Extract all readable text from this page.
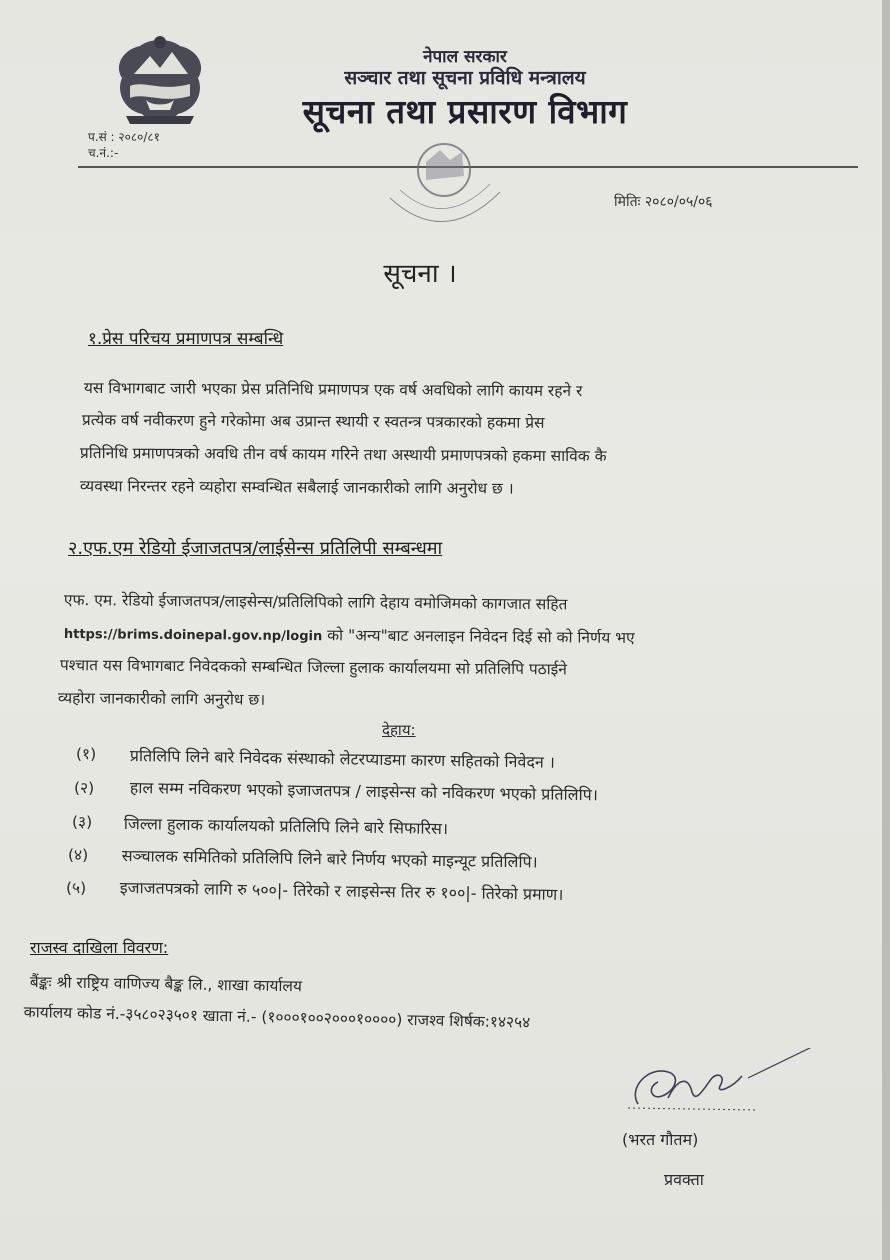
नेपाल सरकार
सञ्चार तथा सूचना प्रविधि मन्त्रालय
सूचना तथा प्रसारण विभाग
प.सं : २०८०/८१
च.नं.:-
मितिः २०८०/०५/०६
सूचना ।
१.प्रेस परिचय प्रमाणपत्र सम्बन्धि
यस विभागबाट जारी भएका प्रेस प्रतिनिधि प्रमाणपत्र एक वर्ष अवधिको लागि कायम रहने र
प्रत्येक वर्ष नवीकरण हुने गरेकोमा अब उप्रान्त स्थायी र स्वतन्त्र पत्रकारको हकमा प्रेस
प्रतिनिधि प्रमाणपत्रको अवधि तीन वर्ष कायम गरिने तथा अस्थायी प्रमाणपत्रको हकमा साविक कै
व्यवस्था निरन्तर रहने व्यहोरा सम्वन्धित सबैलाई जानकारीको लागि अनुरोध छ ।
२.एफ.एम रेडियो ईजाजतपत्र/लाईसेन्स प्रतिलिपी सम्बन्धमा
एफ. एम. रेडियो ईजाजतपत्र/लाइसेन्स/प्रतिलिपिको लागि देहाय वमोजिमको कागजात सहित
https://brims.doinepal.gov.np/login को "अन्य"बाट अनलाइन निवेदन दिई सो को निर्णय भए
पश्चात यस विभागबाट निवेदकको सम्बन्धित जिल्ला हुलाक कार्यालयमा सो प्रतिलिपि पठाईने
व्यहोरा जानकारीको लागि अनुरोध छ।
देहाय:
(१) प्रतिलिपि लिने बारे निवेदक संस्थाको लेटरप्याडमा कारण सहितको निवेदन ।
(२) हाल सम्म नविकरण भएको इजाजतपत्र / लाइसेन्स को नविकरण भएको प्रतिलिपि।
(३) जिल्ला हुलाक कार्यालयको प्रतिलिपि लिने बारे सिफारिस।
(४) सञ्चालक समितिको प्रतिलिपि लिने बारे निर्णय भएको माइन्यूट प्रतिलिपि।
(५) इजाजतपत्रको लागि रु ५००|- तिरेको र लाइसेन्स तिर रु १००|- तिरेको प्रमाण।
राजस्व दाखिला विवरण:
बैंङ्कः श्री राष्ट्रिय वाणिज्य बैङ्क लि., शाखा कार्यालय
कार्यालय कोड नं.-३५८०२३५०१ खाता नं.- (१०००१००२०००१००००) राजश्व शिर्षक:१४२५४
(भरत गौतम)
प्रवक्ता
